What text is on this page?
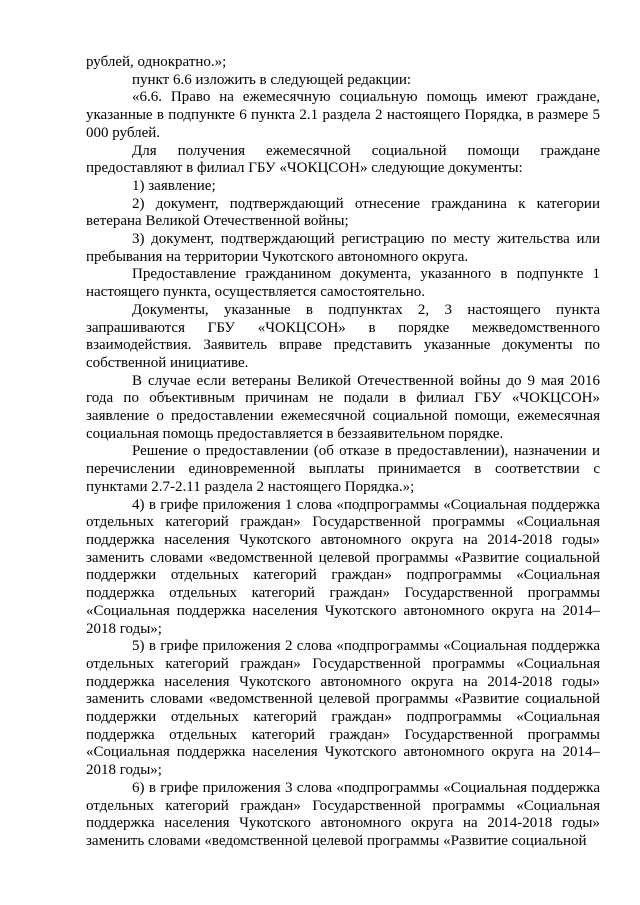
рублей, однократно.»;

пункт 6.6 изложить в следующей редакции:

«6.6. Право на ежемесячную социальную помощь имеют граждане, указанные в подпункте 6 пункта 2.1 раздела 2 настоящего Порядка, в размере 5 000 рублей.

Для получения ежемесячной социальной помощи граждане предоставляют в филиал ГБУ «ЧОКЦСОН» следующие документы:

1) заявление;

2) документ, подтверждающий отнесение гражданина к категории ветерана Великой Отечественной войны;

3) документ, подтверждающий регистрацию по месту жительства или пребывания на территории Чукотского автономного округа.

Предоставление гражданином документа, указанного в подпункте 1 настоящего пункта, осуществляется самостоятельно.

Документы, указанные в подпунктах 2, 3 настоящего пункта запрашиваются ГБУ «ЧОКЦСОН» в порядке межведомственного взаимодействия. Заявитель вправе представить указанные документы по собственной инициативе.

В случае если ветераны Великой Отечественной войны до 9 мая 2016 года по объективным причинам не подали в филиал ГБУ «ЧОКЦСОН» заявление о предоставлении ежемесячной социальной помощи, ежемесячная социальная помощь предоставляется в беззаявительном порядке.

Решение о предоставлении (об отказе в предоставлении), назначении и перечислении единовременной выплаты принимается в соответствии с пунктами 2.7-2.11 раздела 2 настоящего Порядка.»;

4) в грифе приложения 1 слова «подпрограммы «Социальная поддержка отдельных категорий граждан» Государственной программы «Социальная поддержка населения Чукотского автономного округа на 2014-2018 годы» заменить словами «ведомственной целевой программы «Развитие социальной поддержки отдельных категорий граждан» подпрограммы «Социальная поддержка отдельных категорий граждан» Государственной программы «Социальная поддержка населения Чукотского автономного округа на 2014–2018 годы»;

5) в грифе приложения 2 слова «подпрограммы «Социальная поддержка отдельных категорий граждан» Государственной программы «Социальная поддержка населения Чукотского автономного округа на 2014-2018 годы» заменить словами «ведомственной целевой программы «Развитие социальной поддержки отдельных категорий граждан» подпрограммы «Социальная поддержка отдельных категорий граждан» Государственной программы «Социальная поддержка населения Чукотского автономного округа на 2014–2018 годы»;

6) в грифе приложения 3 слова «подпрограммы «Социальная поддержка отдельных категорий граждан» Государственной программы «Социальная поддержка населения Чукотского автономного округа на 2014-2018 годы» заменить словами «ведомственной целевой программы «Развитие социальной
